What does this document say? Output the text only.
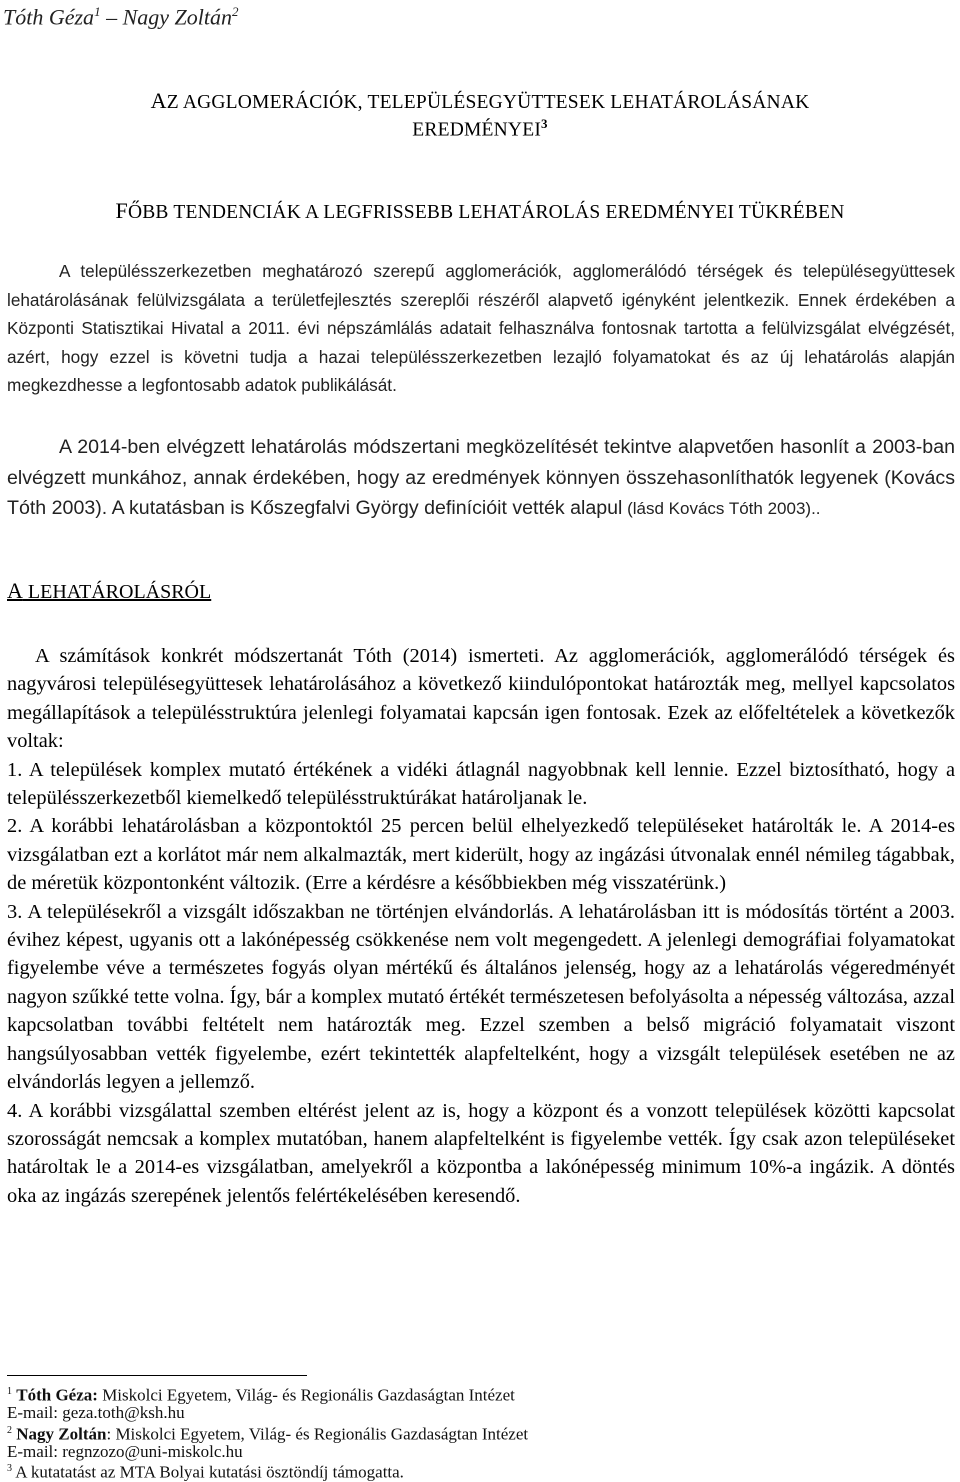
Tóth Géza$^1$ – Nagy Zoltán$^2$
AZ AGGLOMERÁCIÓK, TELEPÜLÉSEGYÜTTESEK LEHATÁROLÁSÁNAK
EREDMÉNYEI$^3$
FŐBB TENDENCIÁK A LEGFRISSEBB LEHATÁROLÁS EREDMÉNYEI TÜKRÉBEN

A településszerkezetben meghatározó szerepű agglomerációk, agglomerálódó térségek és településegyüttesek lehatárolásának felülvizsgálata a területfejlesztés szereplői részéről alapvető igényként jelentkezik. Ennek érdekében a Központi Statisztikai Hivatal a 2011. évi népszámlálás adatait felhasználva fontosnak tartotta a felülvizsgálat elvégzését, azért, hogy ezzel is követni tudja a hazai településszerkezetben lezajló folyamatokat és az új lehatárolás alapján megkezdhesse a legfontosabb adatok publikálását.

A 2014-ben elvégzett lehatárolás módszertani megközelítését tekintve alapvetően hasonlít a 2003-ban elvégzett munkához, annak érdekében, hogy az eredmények könnyen összehasonlíthatók legyenek (Kovács Tóth 2003). A kutatásban is Kőszegfalvi György definícióit vették alapul (lásd Kovács Tóth 2003)..

A LEHATÁROLÁSRÓL
A számítások konkrét módszertanát Tóth (2014) ismerteti. Az agglomerációk, agglomerálódó térségek és nagyvárosi településegyüttesek lehatárolásához a következő kiindulópontokat határozták meg, mellyel kapcsolatos megállapítások a településstruktúra jelenlegi folyamatai kapcsán igen fontosak. Ezek az előfeltételek a következők voltak:
1. A települések komplex mutató értékének a vidéki átlagnál nagyobbnak kell lennie. Ezzel biztosítható, hogy a településszerkezetből kiemelkedő településstruktúrákat határoljanak le.
2. A korábbi lehatárolásban a központoktól 25 percen belül elhelyezkedő településeket határolták le. A 2014-es vizsgálatban ezt a korlátot már nem alkalmazták, mert kiderült, hogy az ingázási útvonalak ennél némileg tágabbak, de méretük központonként változik. (Erre a kérdésre a későbbiekben még visszatérünk.)
3. A településekről a vizsgált időszakban ne történjen elvándorlás. A lehatárolásban itt is módosítás történt a 2003. évihez képest, ugyanis ott a lakónépesség csökkenése nem volt megengedett. A jelenlegi demográfiai folyamatokat figyelembe véve a természetes fogyás olyan mértékű és általános jelenség, hogy az a lehatárolás végeredményét nagyon szűkké tette volna. Így, bár a komplex mutató értékét természetesen befolyásolta a népesség változása, azzal kapcsolatban további feltételt nem határozták meg. Ezzel szemben a belső migráció folyamatait viszont hangsúlyosabban vették figyelembe, ezért tekintették alapfeltelként, hogy a vizsgált települések esetében ne az elvándorlás legyen a jellemző.
4. A korábbi vizsgálattal szemben eltérést jelent az is, hogy a központ és a vonzott települések közötti kapcsolat szorosságát nemcsak a komplex mutatóban, hanem alapfeltelként is figyelembe vették. Így csak azon településeket határoltak le a 2014-es vizsgálatban, amelyekről a központba a lakónépesség minimum 10%-a ingázik. A döntés oka az ingázás szerepének jelentős felértékelésében keresendő.
$^1$ Tóth Géza: Miskolci Egyetem, Világ- és Regionális Gazdaságtan Intézet
E-mail: geza.toth@ksh.hu
$^2$ Nagy Zoltán: Miskolci Egyetem, Világ- és Regionális Gazdaságtan Intézet
E-mail: regnzozo@uni-miskolc.hu
$^3$ A kutatatást az MTA Bolyai kutatási ösztöndíj támogatta.
